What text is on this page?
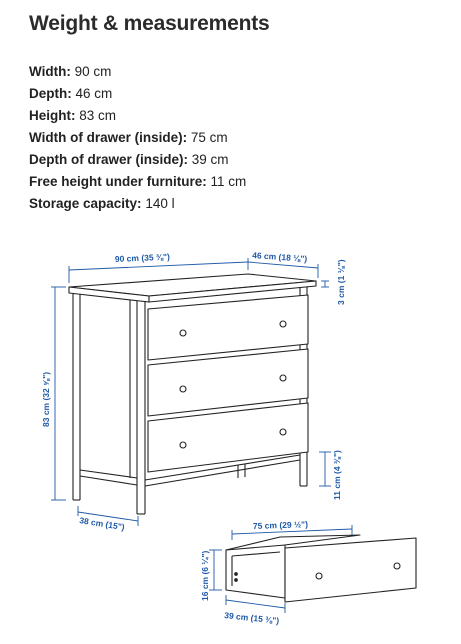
Weight & measurements
Width: 90 cm
Depth: 46 cm
Height: 83 cm
Width of drawer (inside): 75 cm
Depth of drawer (inside): 39 cm
Free height under furniture: 11 cm
Storage capacity: 140 l
90 cm (35 ⅜")	46 cm (18 ⅛")
3 cm (1 ⅛")
83 cm (32 ⅝")
11 cm (4 ⅜")
38 cm (15")	75 cm (29 ½")
16 cm (6 ¼")
39 cm (15 ⅜")
